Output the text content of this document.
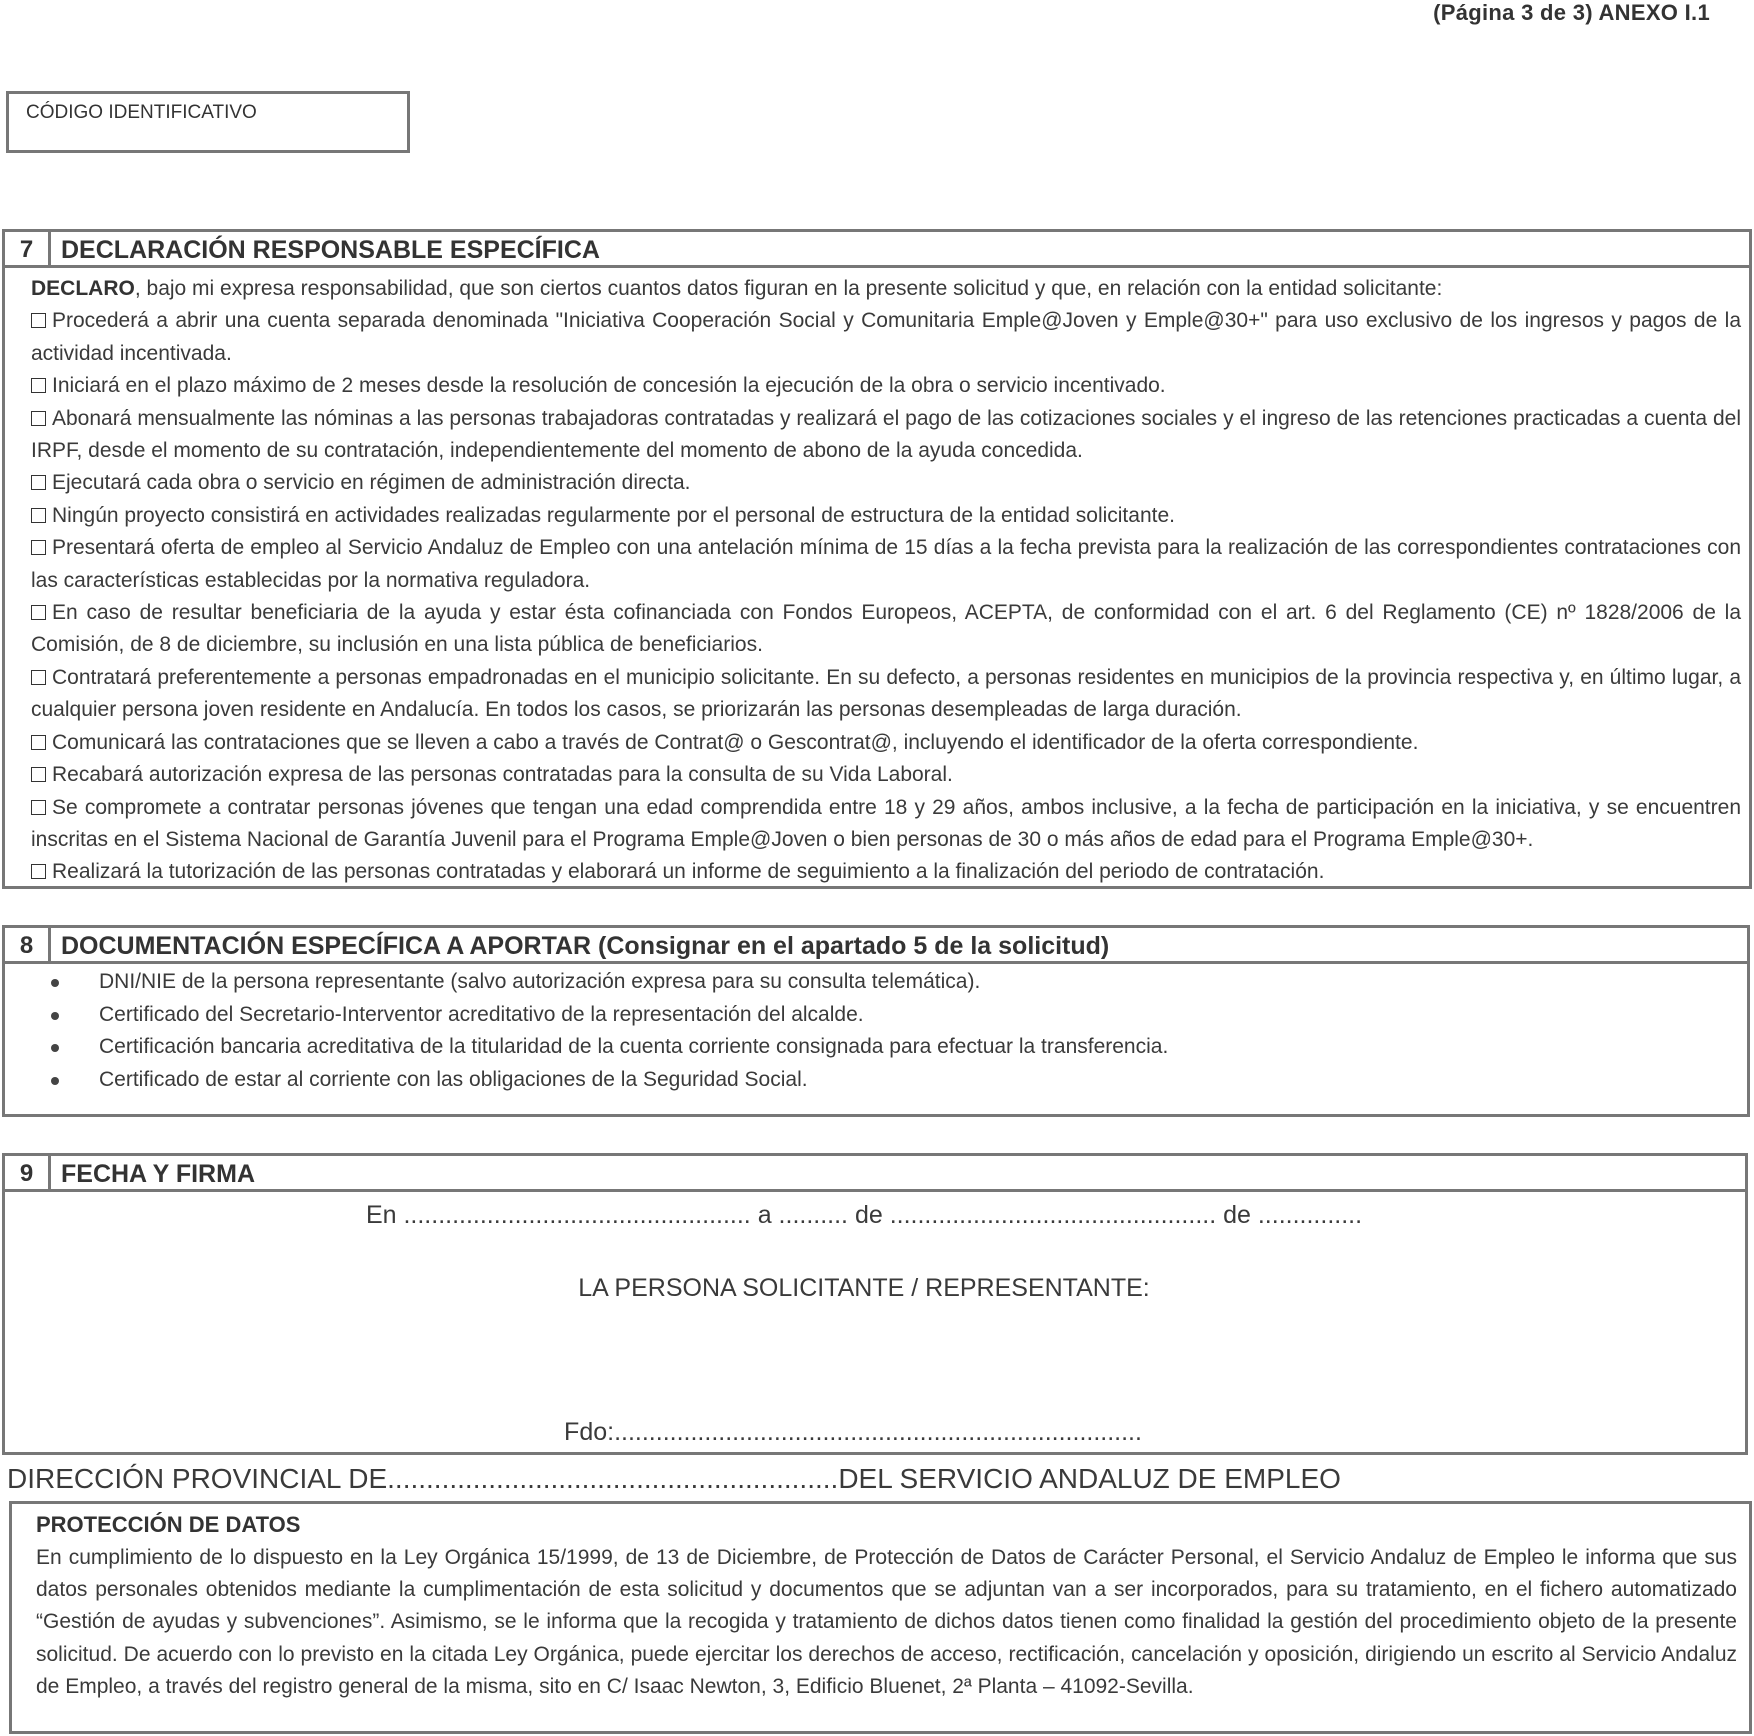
(Página 3 de 3) ANEXO I.1
CÓDIGO IDENTIFICATIVO
7	DECLARACIÓN RESPONSABLE ESPECÍFICA

DECLARO, bajo mi expresa responsabilidad, que son ciertos cuantos datos figuran en la presente solicitud y que, en relación con la entidad solicitante:

Procederá a abrir una cuenta separada denominada "Iniciativa Cooperación Social y Comunitaria Emple@Joven y Emple@30+" para uso exclusivo de los ingresos y pagos de la actividad incentivada.

Iniciará en el plazo máximo de 2 meses desde la resolución de concesión la ejecución de la obra o servicio incentivado.

Abonará mensualmente las nóminas a las personas trabajadoras contratadas y realizará el pago de las cotizaciones sociales y el ingreso de las retenciones practicadas a cuenta del IRPF, desde el momento de su contratación, independientemente del momento de abono de la ayuda concedida.

Ejecutará cada obra o servicio en régimen de administración directa.

Ningún proyecto consistirá en actividades realizadas regularmente por el personal de estructura de la entidad solicitante.

Presentará oferta de empleo al Servicio Andaluz de Empleo con una antelación mínima de 15 días a la fecha prevista para la realización de las correspondientes contrataciones con las características establecidas por la normativa reguladora.

En caso de resultar beneficiaria de la ayuda y estar ésta cofinanciada con Fondos Europeos, ACEPTA, de conformidad con el art. 6 del Reglamento (CE) nº 1828/2006 de la Comisión, de 8 de diciembre, su inclusión en una lista pública de beneficiarios.

Contratará preferentemente a personas empadronadas en el municipio solicitante. En su defecto, a personas residentes en municipios de la provincia respectiva y, en último lugar, a cualquier persona joven residente en Andalucía. En todos los casos, se priorizarán las personas desempleadas de larga duración.

Comunicará las contrataciones que se lleven a cabo a través de Contrat@ o Gescontrat@, incluyendo el identificador de la oferta correspondiente.

Recabará autorización expresa de las personas contratadas para la consulta de su Vida Laboral.

Se compromete a contratar personas jóvenes que tengan una edad comprendida entre 18 y 29 años, ambos inclusive, a la fecha de participación en la iniciativa, y se encuentren inscritas en el Sistema Nacional de Garantía Juvenil para el Programa Emple@Joven o bien personas de 30 o más años de edad para el Programa Emple@30+.

Realizará la tutorización de las personas contratadas y elaborará un informe de seguimiento a la finalización del periodo de contratación.

8	DOCUMENTACIÓN ESPECÍFICA A APORTAR (Consignar en el apartado 5 de la solicitud)
DNI/NIE de la persona representante (salvo autorización expresa para su consulta telemática).
Certificado del Secretario-Interventor acreditativo de la representación del alcalde.
Certificación bancaria acreditativa de la titularidad de la cuenta corriente consignada para efectuar la transferencia.
Certificado de estar al corriente con las obligaciones de la Seguridad Social.
9	FECHA Y FIRMA
En .................................................. a .......... de ............................................... de ...............
LA PERSONA SOLICITANTE / REPRESENTANTE:
Fdo:............................................................................
DIRECCIÓN PROVINCIAL DE..........................................................DEL SERVICIO ANDALUZ DE EMPLEO
PROTECCIÓN DE DATOS
En cumplimiento de lo dispuesto en la Ley Orgánica 15/1999, de 13 de Diciembre, de Protección de Datos de Carácter Personal, el Servicio Andaluz de Empleo le informa que sus datos personales obtenidos mediante la cumplimentación de esta solicitud y documentos que se adjuntan van a ser incorporados, para su tratamiento, en el fichero automatizado “Gestión de ayudas y subvenciones”. Asimismo, se le informa que la recogida y tratamiento de dichos datos tienen como finalidad la gestión del procedimiento objeto de la presente solicitud. De acuerdo con lo previsto en la citada Ley Orgánica, puede ejercitar los derechos de acceso, rectificación, cancelación y oposición, dirigiendo un escrito al Servicio Andaluz de Empleo, a través del registro general de la misma, sito en C/ Isaac Newton, 3, Edificio Bluenet, 2ª Planta – 41092-Sevilla.
